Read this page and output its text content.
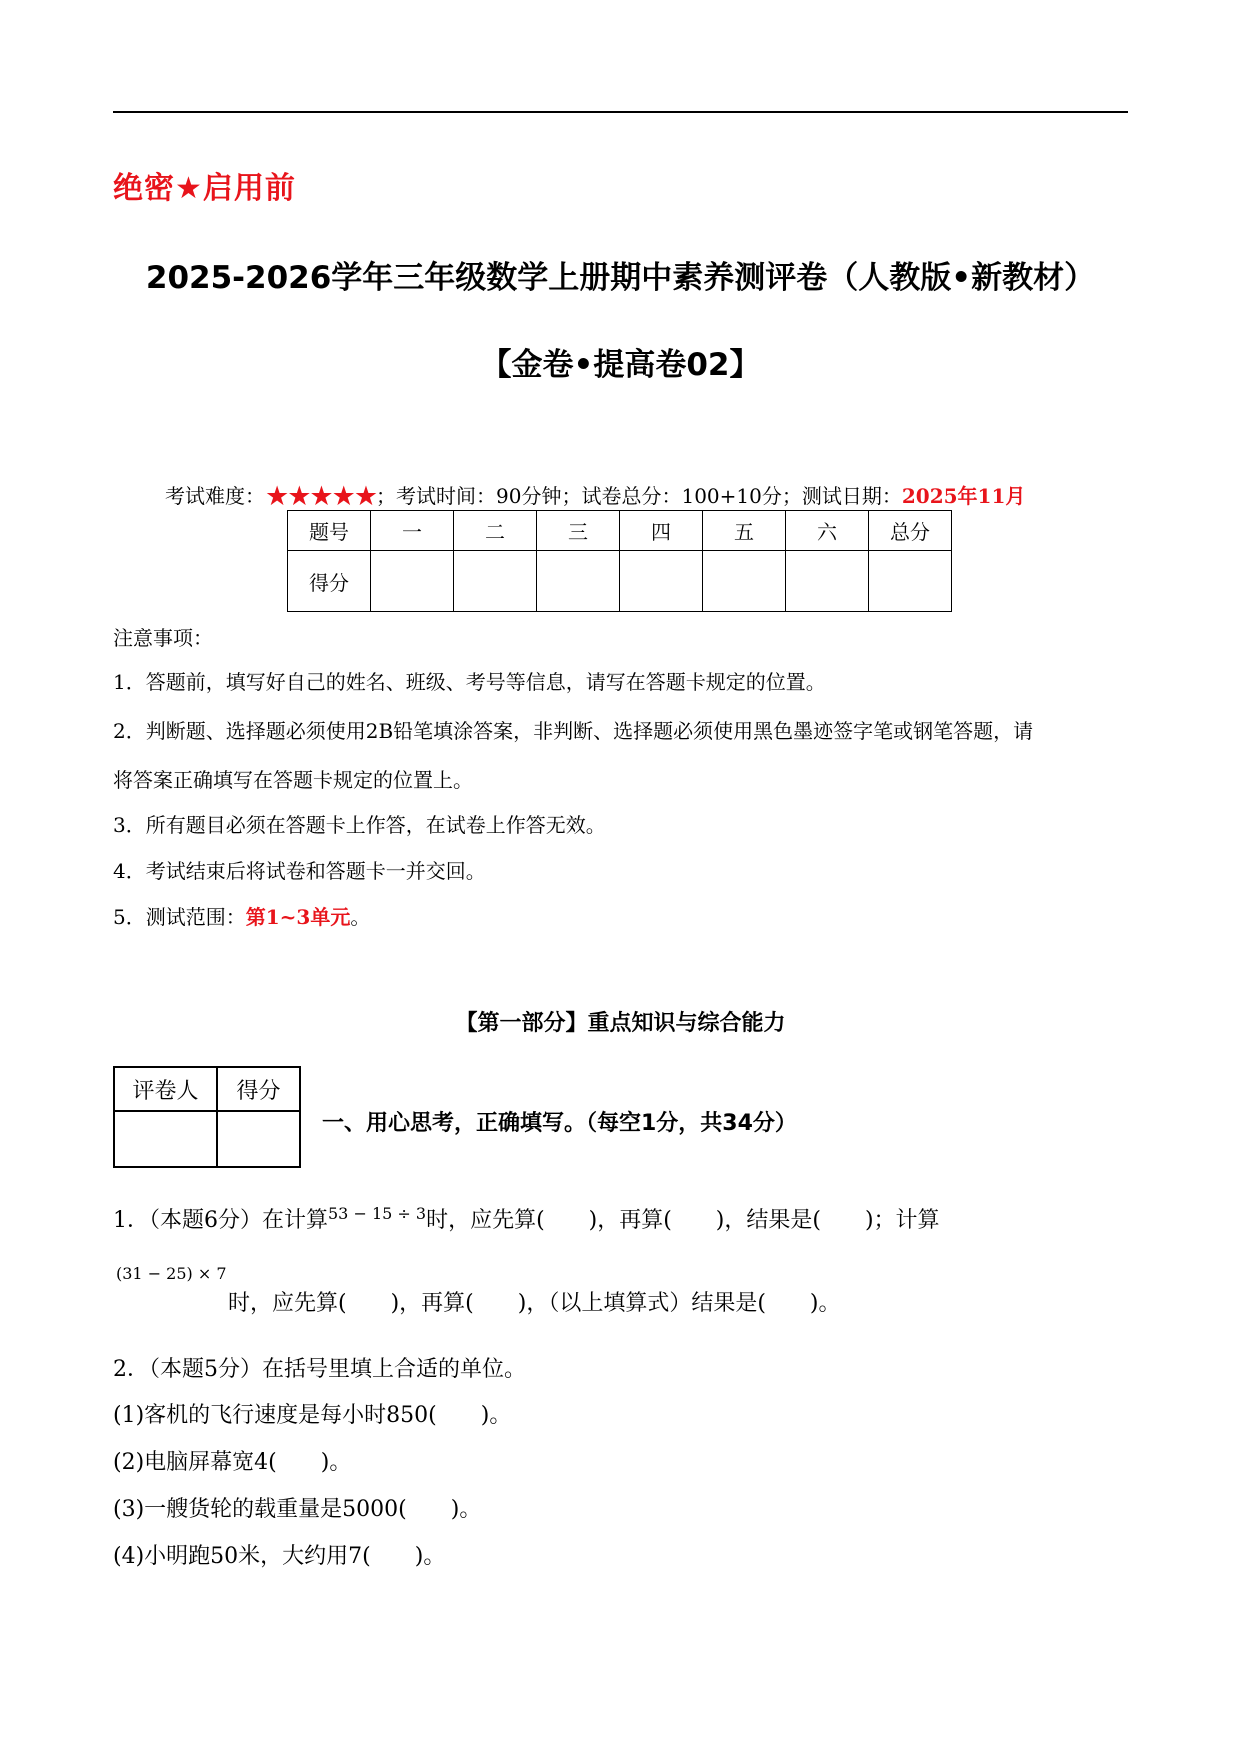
绝密★启用前
2025-2026学年三年级数学上册期中素养测评卷（人教版•新教材）
【金卷•提高卷02】
考试难度：★★★★★；考试时间：90分钟；试卷总分：100+10分；测试日期：2025年11月
题号	一	二	三	四	五	六	总分
得分							
注意事项：
1．答题前，填写好自己的姓名、班级、考号等信息，请写在答题卡规定的位置。
2．判断题、选择题必须使用2B铅笔填涂答案，非判断、选择题必须使用黑色墨迹签字笔或钢笔答题，请
将答案正确填写在答题卡规定的位置上。
3．所有题目必须在答题卡上作答，在试卷上作答无效。
4．考试结束后将试卷和答题卡一并交回。
5．测试范围：第1~3单元。
【第一部分】重点知识与综合能力
评卷人	得分

一、用心思考，正确填写。（每空1分，共34分）
1．（本题6分）在计算$^{53 - 15 \div 3}$时，应先算(　　)，再算(　　)，结果是(　　)；计算
(31 − 25) × 7
时，应先算(　　)，再算(　　)，（以上填算式）结果是(　　)。
2．（本题5分）在括号里填上合适的单位。
(1)客机的飞行速度是每小时850(　　)。
(2)电脑屏幕宽4(　　)。
(3)一艘货轮的载重量是5000(　　)。
(4)小明跑50米，大约用7(　　)。
